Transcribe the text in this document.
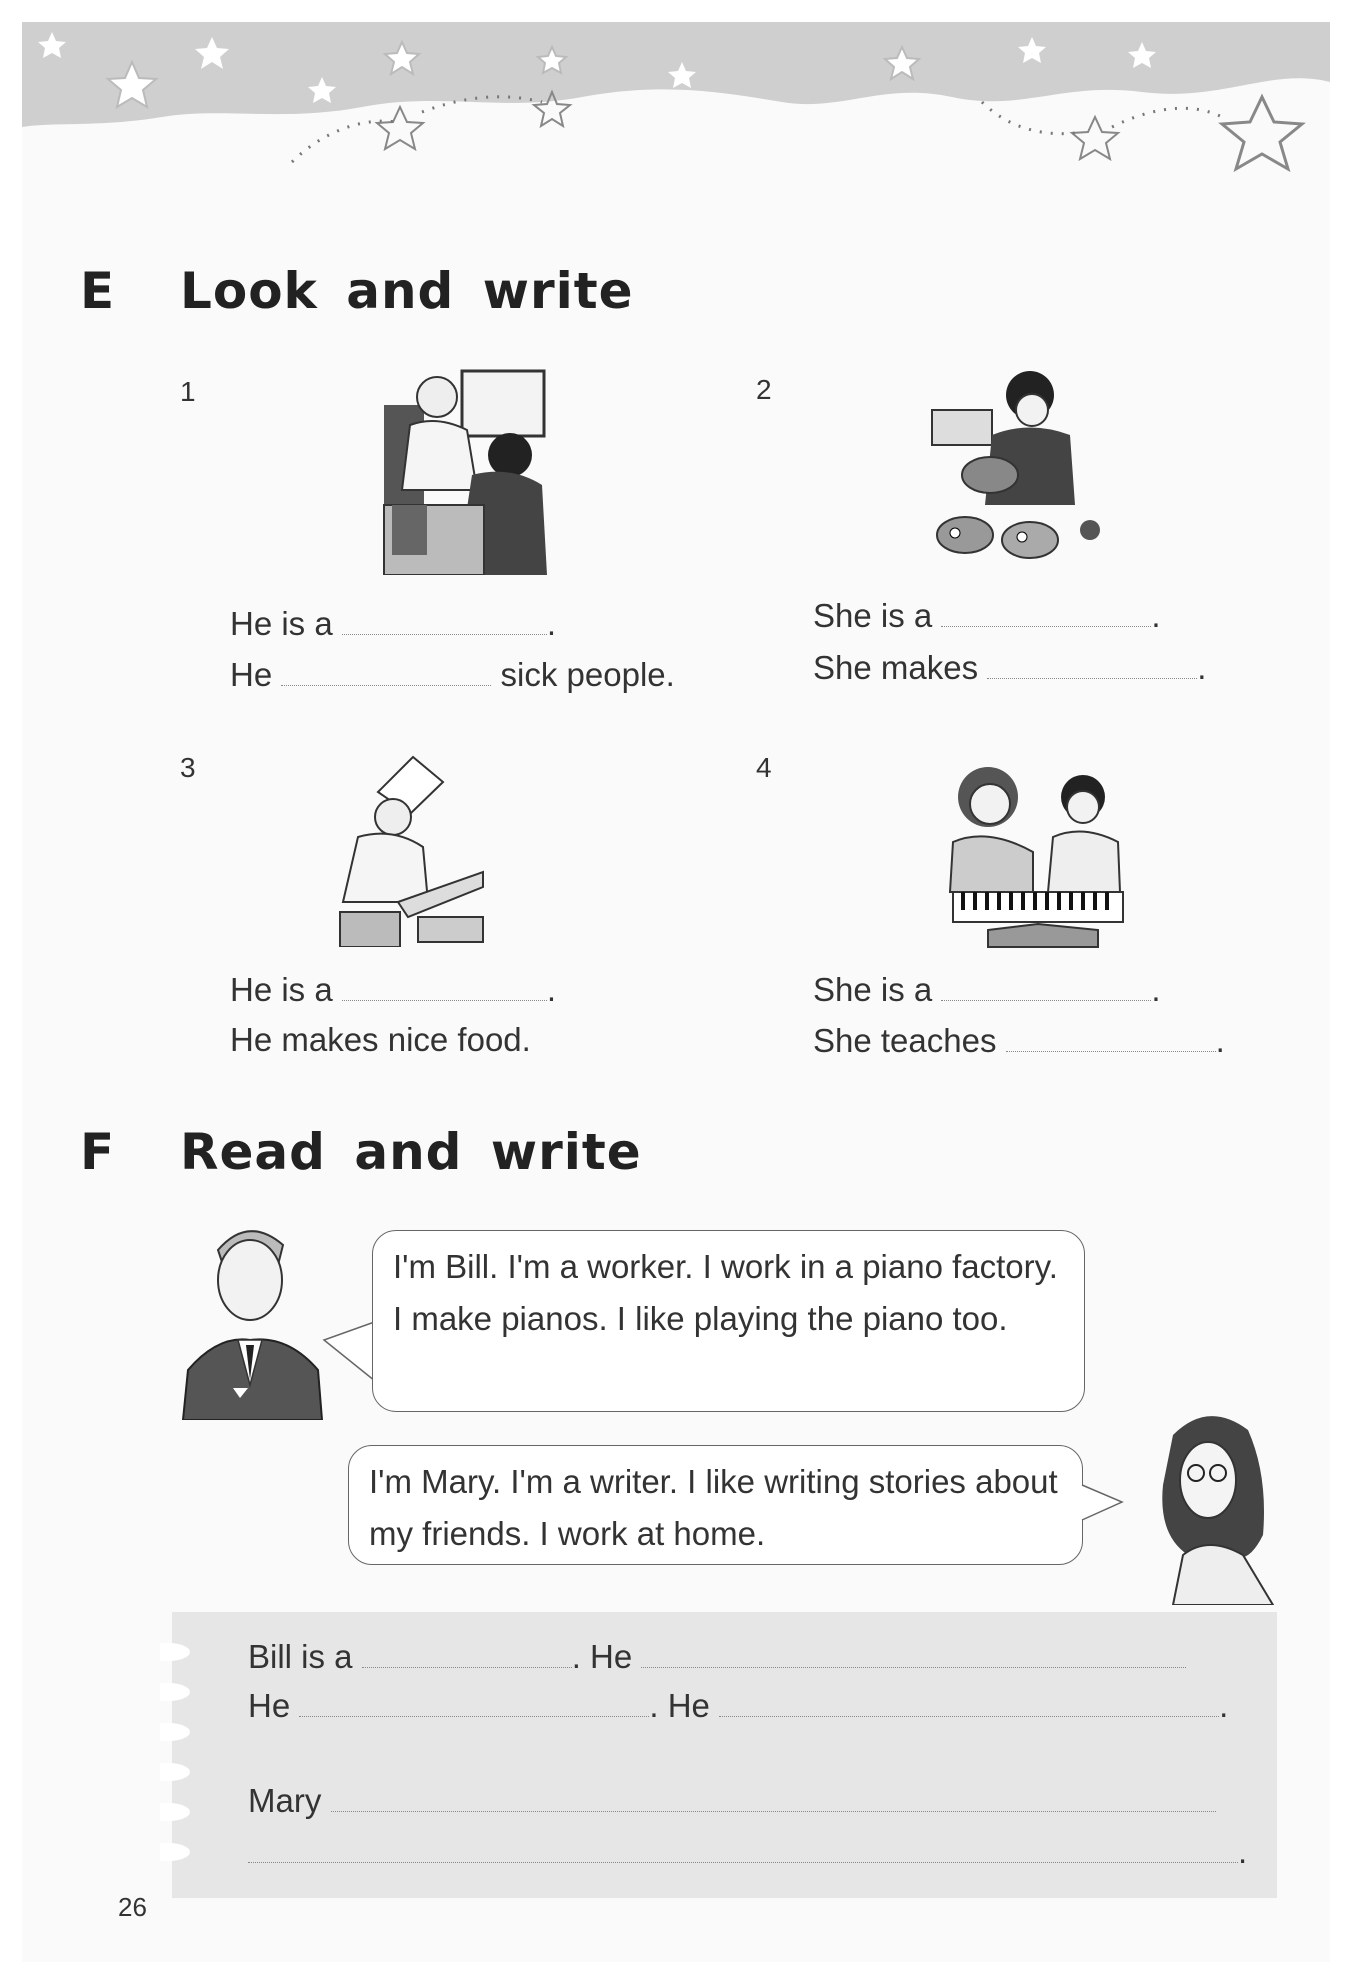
E Look and write
1
He is a	.
He	sick people.
2
She is a	.
She makes	.
3
He is a	.
He makes nice food.
4
She is a	.
She teaches	.
F Read and write
I'm Bill. I'm a worker. I work in a piano factory. I make pianos. I like playing the piano too.
I'm Mary. I'm a writer. I like writing stories about my friends. I work at home.
Bill is a	. He
He	. He	.
Mary
.
26
